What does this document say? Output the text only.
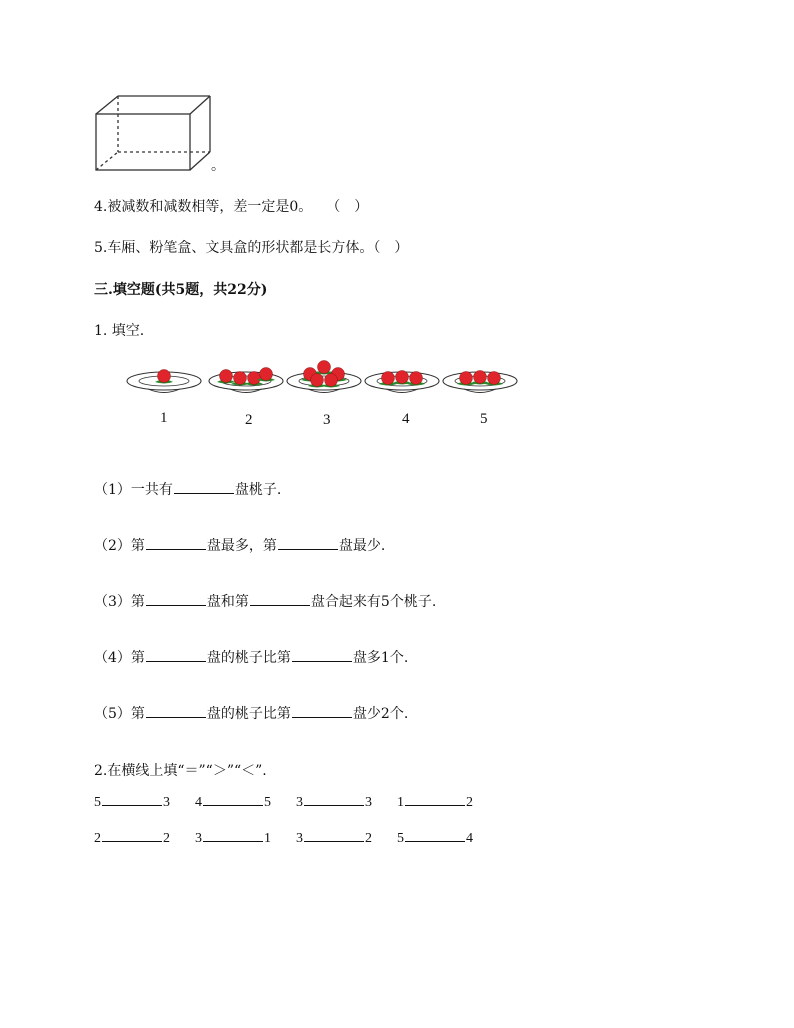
。
4.被减数和减数相等，差一定是0。　　（　）
5.车厢、粉笔盒、文具盒的形状都是长方体。（　）
三.填空题(共5题，共22分)
1. 填空.
1	2	3	4	5
（1）一共有	盘桃子.
（2）第	盘最多，第	盘最少.
（3）第	盘和第	盘合起来有5个桃子.
（4）第	盘的桃子比第	盘多1个.
（5）第	盘的桃子比第	盘少2个.
2.在横线上填“＝”“＞”“＜”.
5	3 4	5 3	3 1	2
2	2 3	1 3	2 5	4
